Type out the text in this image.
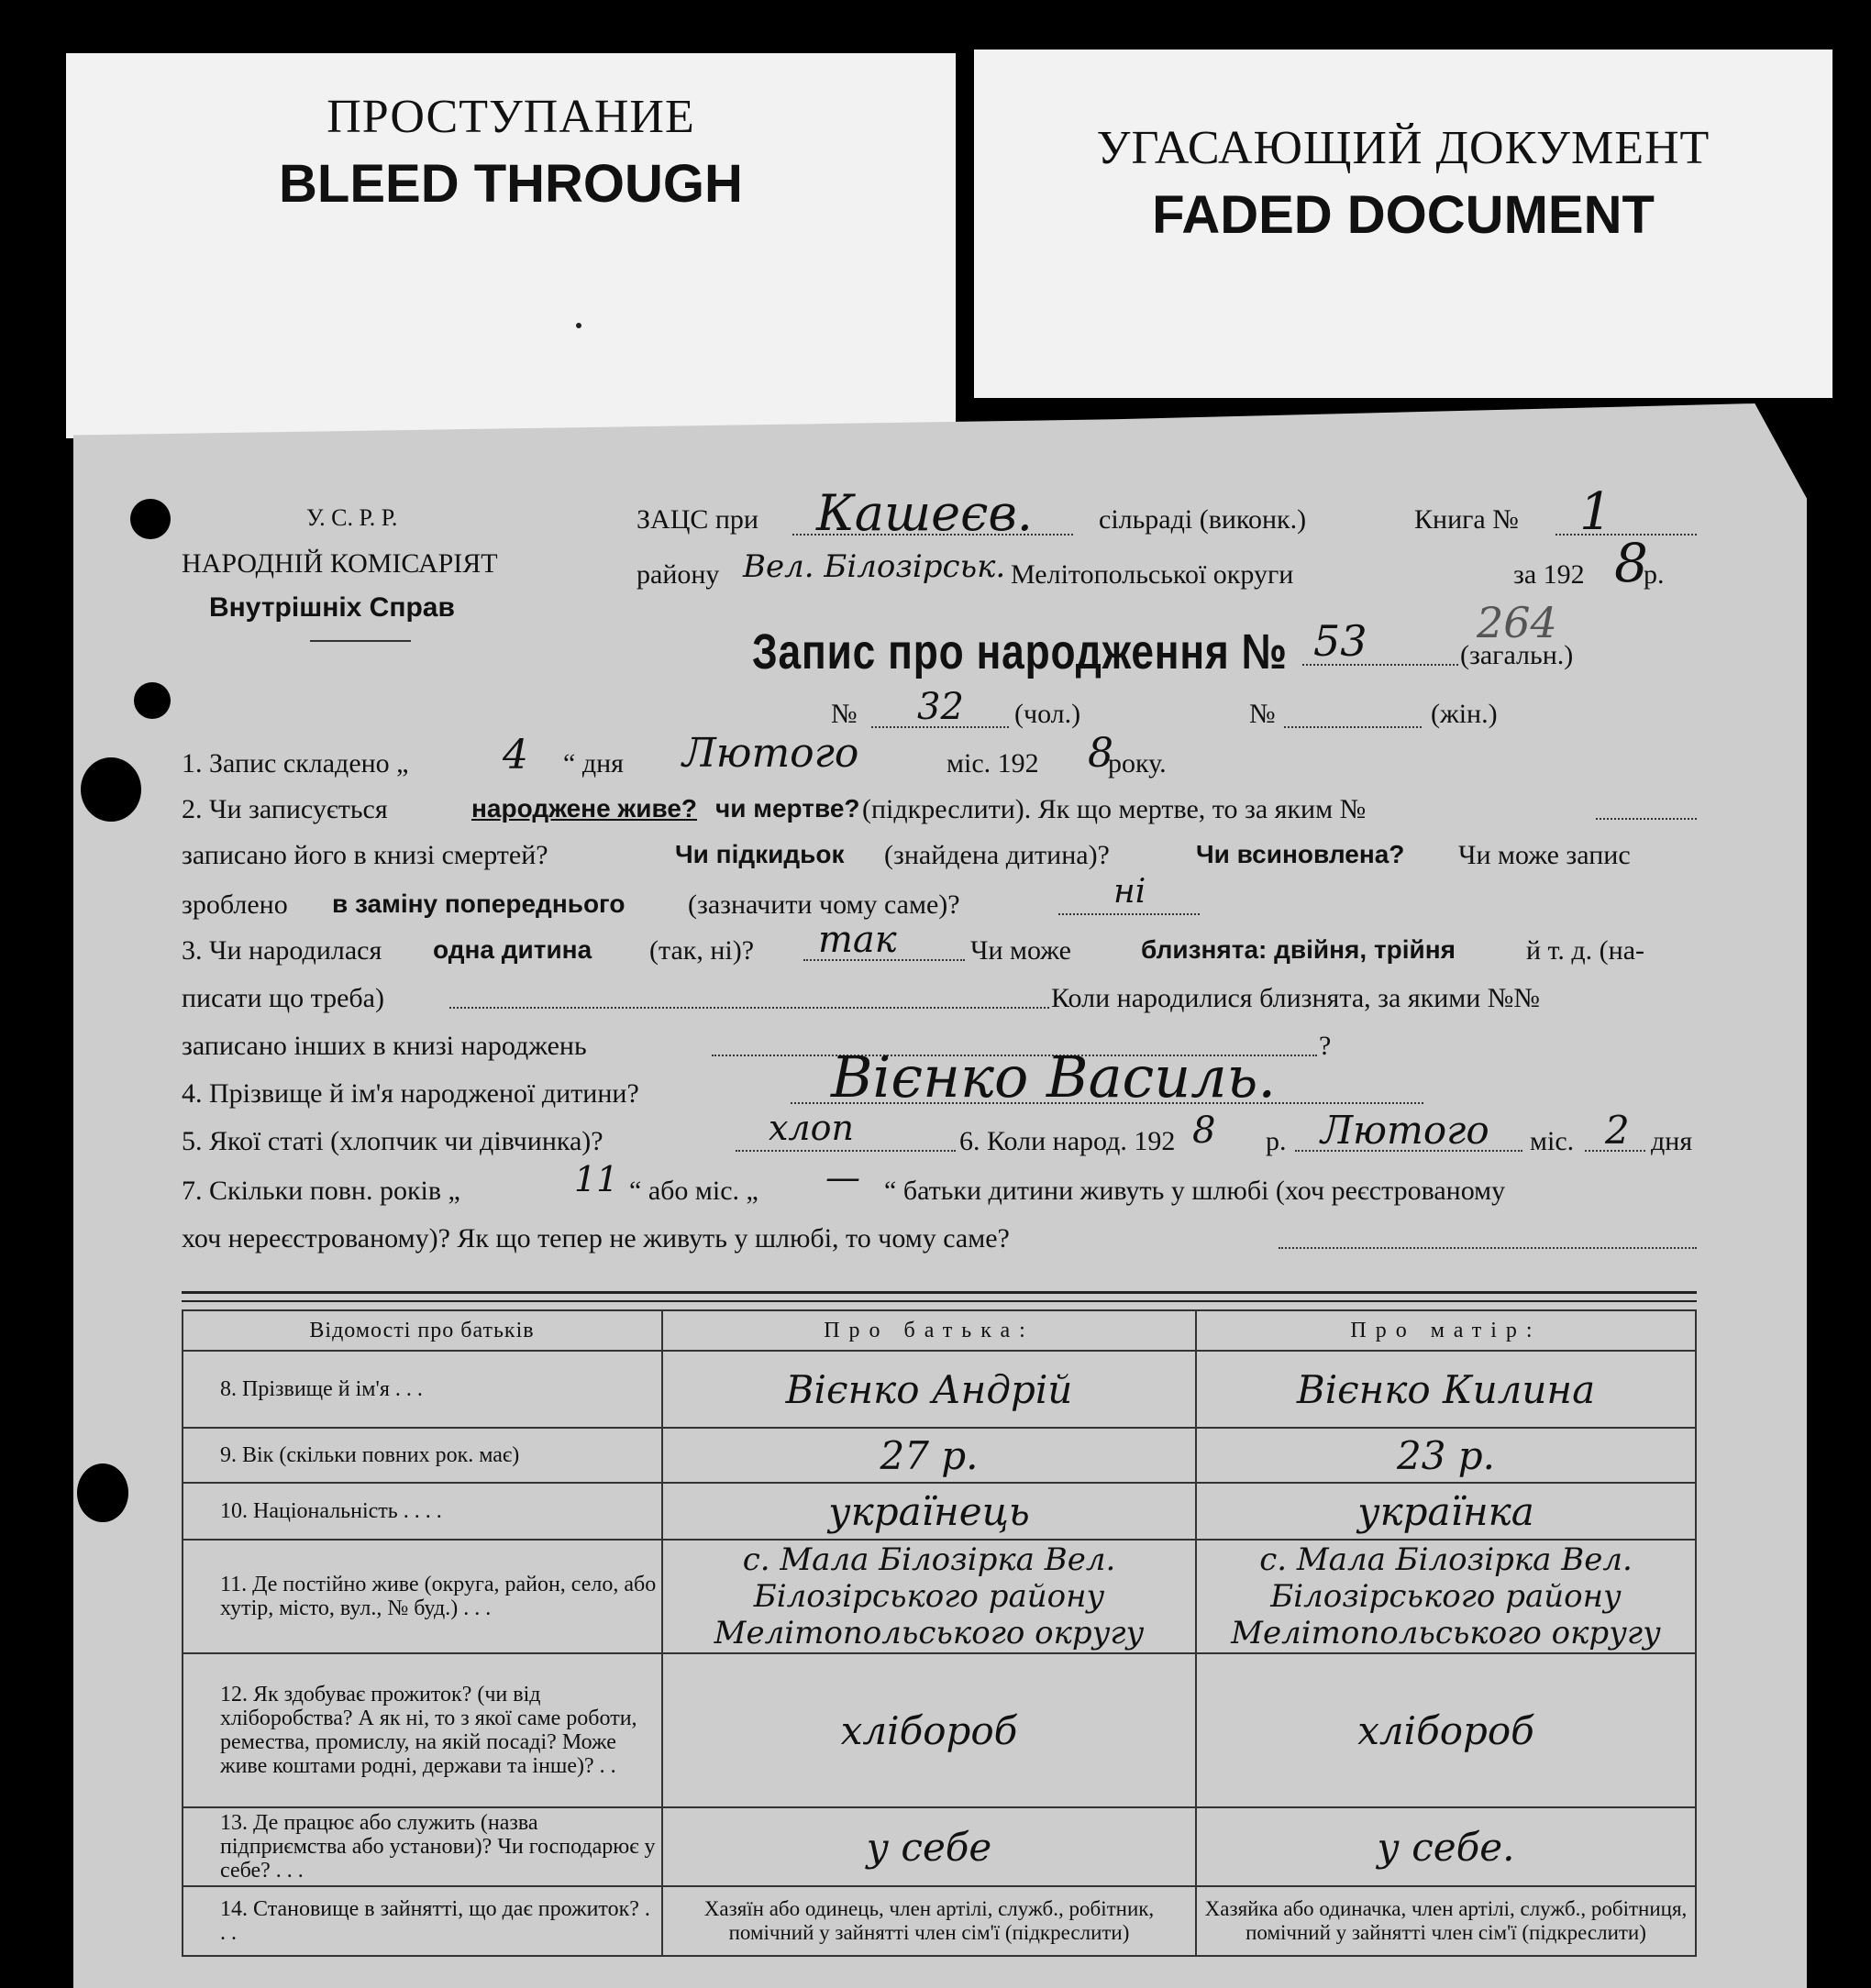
ПРОСТУПАНИЕ
BLEED THROUGH
УГАСАЮЩИЙ ДОКУМЕНТ
FADED DOCUMENT
У. С. Р. Р.
НАРОДНІЙ КОМІСАРІЯТ
Внутрішніх Справ
ЗАЦС при Кашеєв. сільраді (виконк.)	Книга № 1
району Вел. Білозірськ. Мелітопольської округи	за 192 8
р.
Запис про народження № 53	264
(загальн.)
№ 32 (чол.)	№	(жін.)
1. Запис складено „ 4 “ дня Лютого	міс. 192 8
року.
2. Чи записується	народжене живе? чи мертве? (підкреслити). Як що мертве, то за яким №
записано його в книзі смертей?	Чи підкидьок (знайдена дитина)?	Чи всиновлена? Чи може запис
зроблено в заміну попереднього (зазначити чому саме)?	ні
3. Чи народилася одна дитина (так, ні)? так	Чи може	близнята: двійня, трійня	й т. д. (на-
писати що треба)	Коли народилися близнята, за якими №№
записано інших в книзі народжень	?
4. Прізвище й ім'я народженої дитини?	Вієнко Василь.
5. Якої статі (хлопчик чи дівчинка)?	хлоп	6. Коли народ. 192 8 р. Лютого міс. 2 дня
7. Скільки повн. років „	11 “ або міс. „ — “ батьки дитини живуть у шлюбі (хоч реєстрованому
хоч нереєстрованому)? Як що тепер не живуть у шлюбі, то чому саме?
Відомості про батьків	Про батька:	Про матір:
8. Прізвище й ім'я . . .	Вієнко Андрій	Вієнко Килина
9. Вік (скільки повних рок. має)	27 р.	23 р.
10. Національність . . . .	українець	українка
11. Де постійно живе (округа, район, село, або хутір, місто, вул., № буд.) . . .	с. Мала Білозірка Вел. Білозірського району Мелітопольського округу	с. Мала Білозірка Вел. Білозірського району Мелітопольського округу
12. Як здобуває прожиток? (чи від хліборобства? А як ні, то з якої саме роботи, ремества, промислу, на якій посаді? Може живе коштами родні, держави та інше)? . .	хлібороб	хлібороб
13. Де працює або служить (назва підприємства або установи)? Чи господарює у себе? . . .	у себе	у себе.
14. Становище в зайнятті, що дає прожиток? . . .	Хазяїн або одинець, член артілі, служб., робітник, помічний у зайнятті член сім'ї (підкреслити)	Хазяйка або одиначка, член артілі, служб., робітниця, помічний у зайнятті член сім'ї (підкреслити)
